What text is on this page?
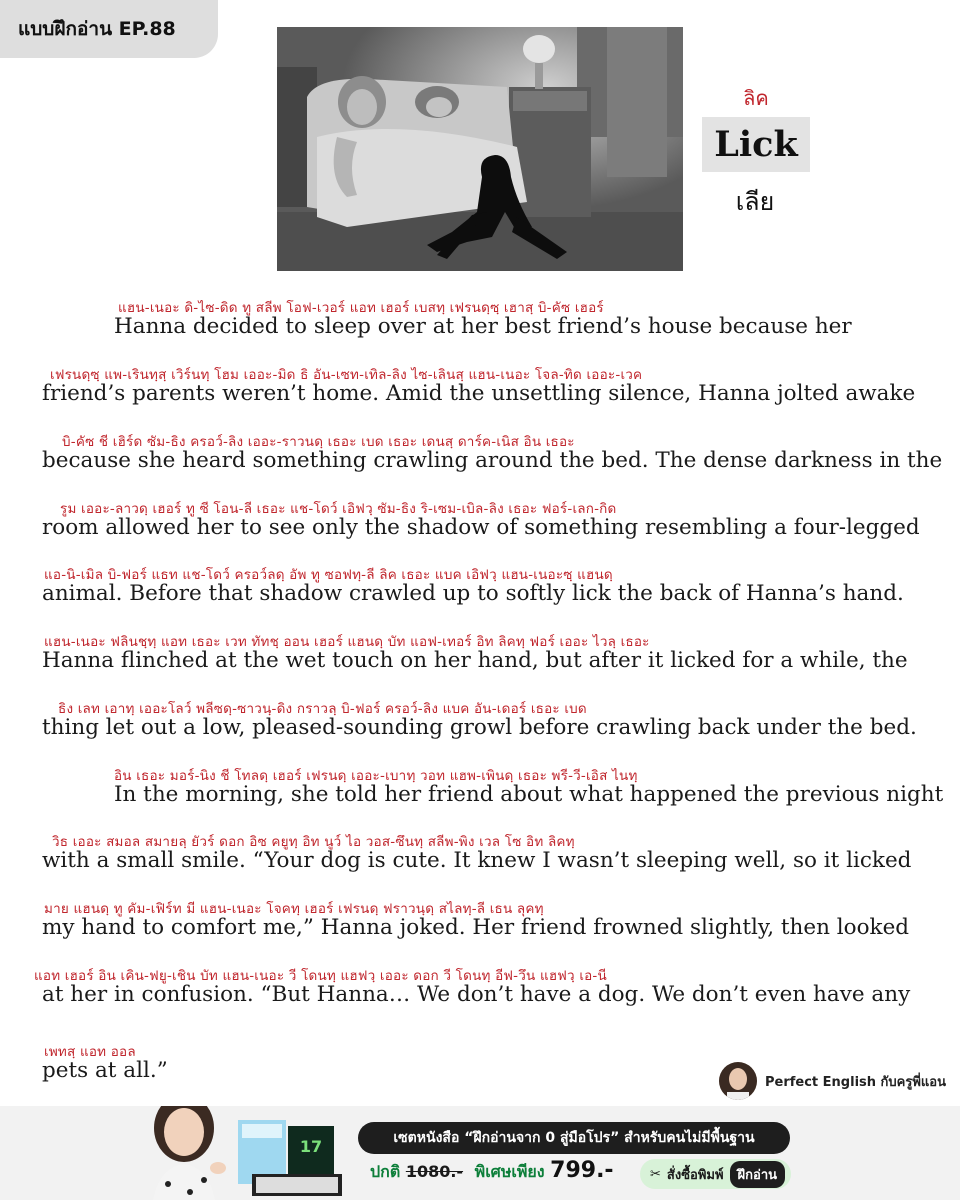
แบบฝึกอ่าน EP.88
ลิค
Lick
เลีย
แฮน-เนอะ ดิ-ไซ-ดิด ทู สลีพ โอฟ-เวอร์ แอท เฮอร์ เบสทฺ เฟรนดฺซฺ เฮาสฺ บิ-คัซ เฮอร์
Hanna decided to sleep over at her best friend’s house because her
เฟรนดฺซฺ แพ-เรินทฺสฺ เวิร์นทฺ โฮม เออะ-มิด ธิ อัน-เซท-เทิล-ลิง ไซ-เลินสฺ แฮน-เนอะ โจล-ทิด เออะ-เวค
friend’s parents weren’t home. Amid the unsettling silence, Hanna jolted awake
บิ-คัซ ชี เฮิร์ด ซัม-ธิง ครอว์-ลิง เออะ-ราวนดฺ เธอะ เบด เธอะ เดนสฺ ดาร์ค-เนิส อิน เธอะ
because she heard something crawling around the bed. The dense darkness in the
รูม เออะ-ลาวดฺ เฮอร์ ทู ซี โอน-ลี เธอะ แช-โดว์ เอิฟวฺ ซัม-ธิง ริ-เซม-เบิล-ลิง เธอะ ฟอร์-เลก-กิด
room allowed her to see only the shadow of something resembling a four-legged
แอ-นิ-เมิล บิ-ฟอร์ แธท แช-โดว์ ครอว์ลดฺ อัพ ทู ซอฟทฺ-ลี ลิค เธอะ แบค เอิฟวฺ แฮน-เนอะซฺ แฮนดฺ
animal. Before that shadow crawled up to softly lick the back of Hanna’s hand.
แฮน-เนอะ ฟลินชฺทฺ แอท เธอะ เวท ทัทชฺ ออน เฮอร์ แฮนดฺ บัท แอฟ-เทอร์ อิท ลิคทฺ ฟอร์ เออะ ไวลฺ เธอะ
Hanna flinched at the wet touch on her hand, but after it licked for a while, the
ธิง เลท เอาทฺ เออะโลว์ พลีซดฺ-ซาวนฺ-ดิง กราวลฺ บิ-ฟอร์ ครอว์-ลิง แบค อัน-เดอร์ เธอะ เบด
thing let out a low, pleased-sounding growl before crawling back under the bed.
อิน เธอะ มอร์-นิง ชี โทลดฺ เฮอร์ เฟรนดฺ เออะ-เบาทฺ วอท แฮพ-เพินดฺ เธอะ พรี-วี-เอิส ไนทฺ
In the morning, she told her friend about what happened the previous night
วิธ เออะ สมอล สมายลฺ ยัวร์ ดอก อิซ คยูทฺ อิท นูว์ ไอ วอส-ซึนทฺ สลีพ-พิง เวล โซ อิท ลิคทฺ
with a small smile. “Your dog is cute. It knew I wasn’t sleeping well, so it licked
มาย แฮนดฺ ทู คัม-เฟิร์ท มี แฮน-เนอะ โจคทฺ เฮอร์ เฟรนดฺ ฟราวนฺดฺ สไลทฺ-ลี เธน ลุคทฺ
my hand to comfort me,” Hanna joked. Her friend frowned slightly, then looked
แอท เฮอร์ อิน เคิน-ฟยู-เชิน บัท แฮน-เนอะ วี โดนทฺ แฮฟวฺ เออะ ดอก วี โดนทฺ อีฟ-วึน แฮฟวฺ เอ-นี
at her in confusion. “But Hanna… We don’t have a dog. We don’t even have any
เพทสฺ แอท ออล
pets at all.”	Perfect English กับครูพี่แอน
17	เซตหนังสือ “ฝึกอ่านจาก 0 สู่มือโปร” สำหรับคนไม่มีพื้นฐาน
ปกติ 1080.- พิเศษเพียง 799.-	✂ สั่งซื้อพิมพ์	ฝึกอ่าน
